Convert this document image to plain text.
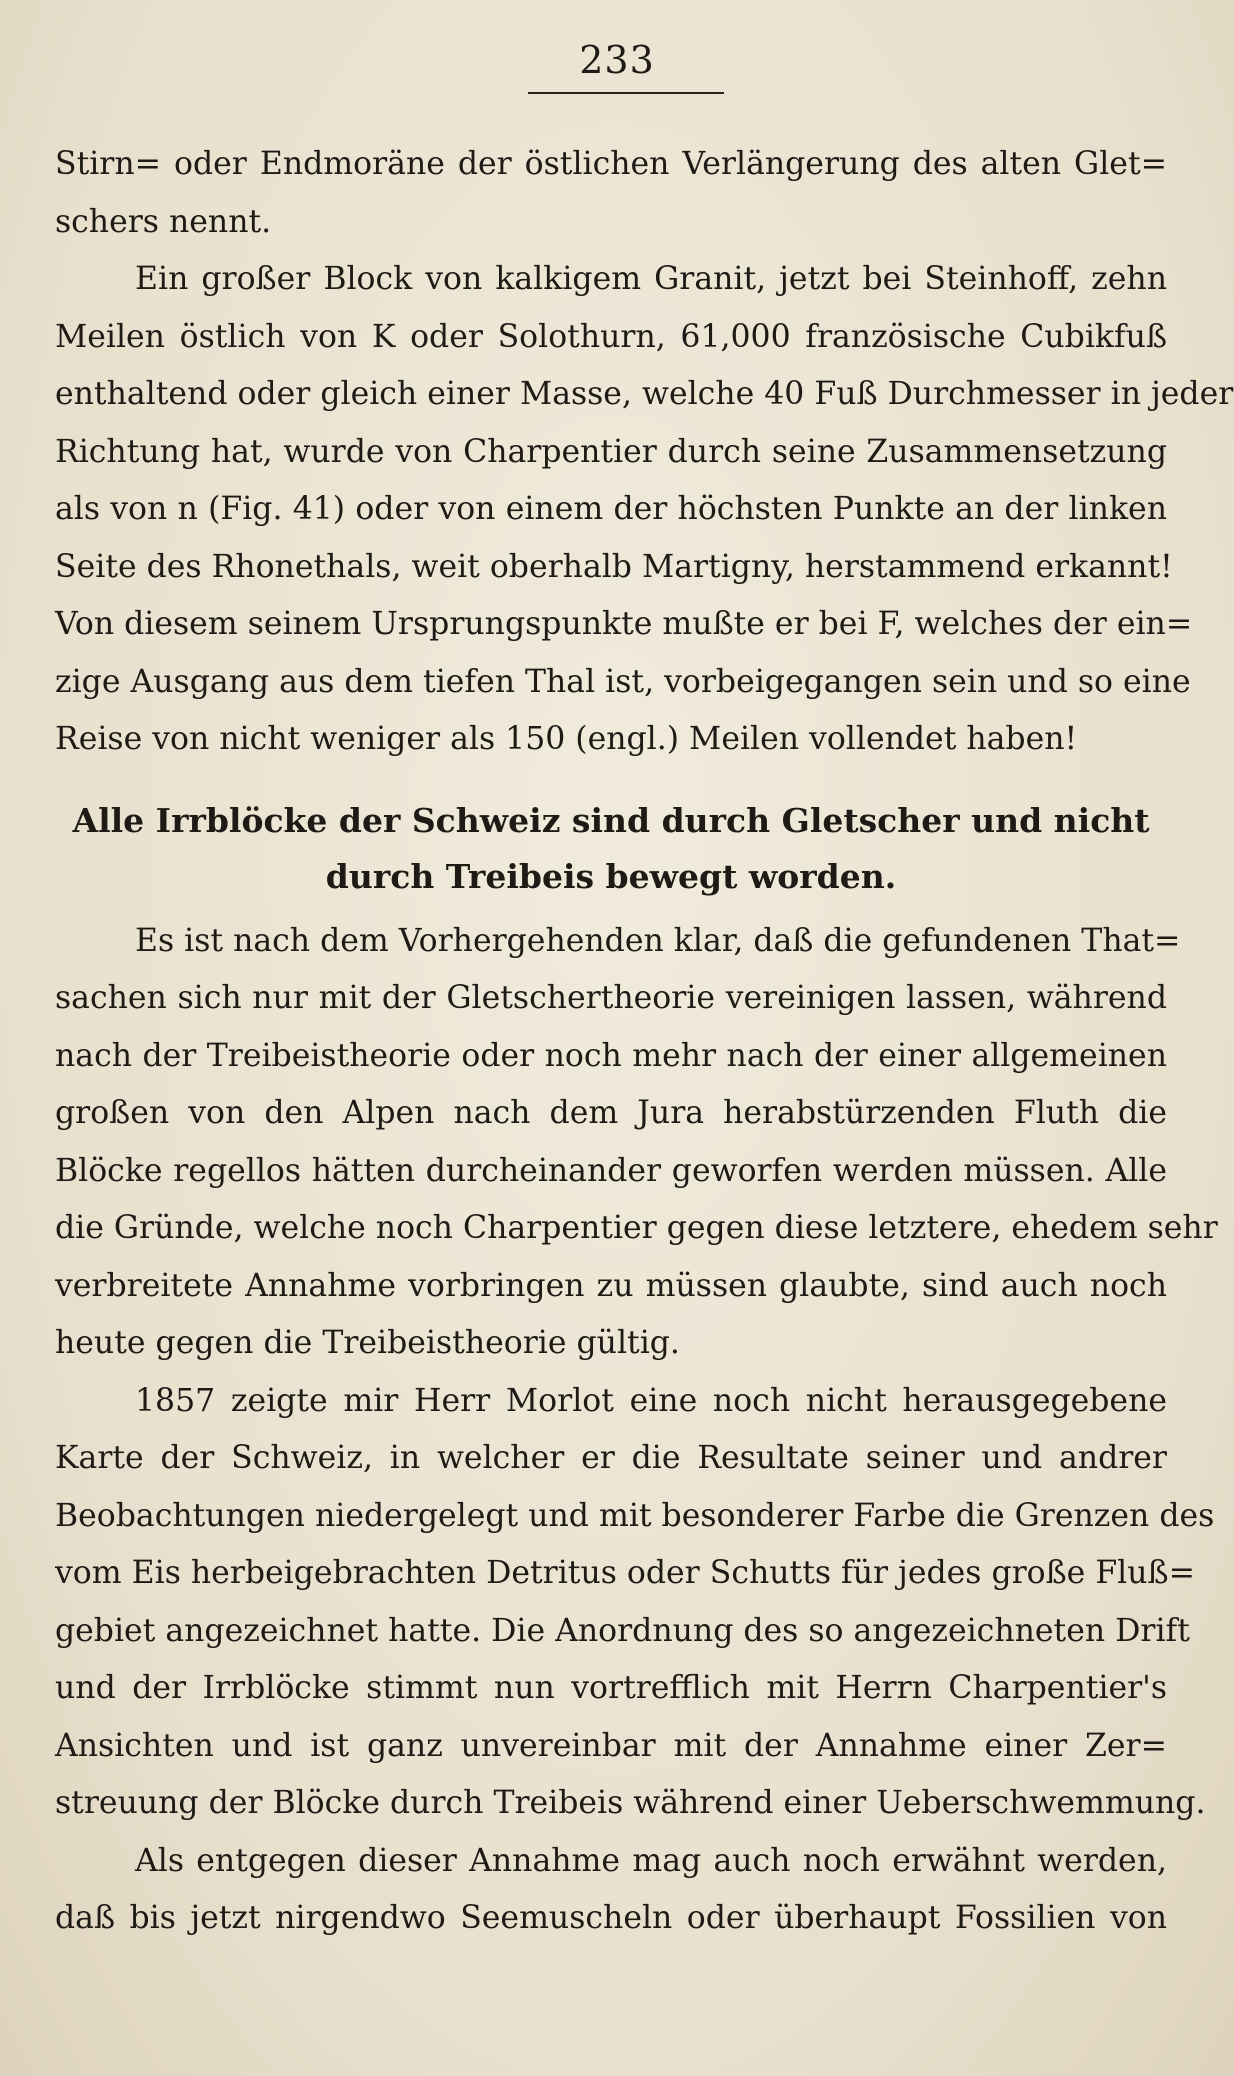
233

Stirn= oder Endmoräne der östlichen Verlängerung des alten Glet=
schers nennt.

Ein großer Block von kalkigem Granit, jetzt bei Steinhoff, zehn
Meilen östlich von K oder Solothurn, 61,000 französische Cubikfuß
enthaltend oder gleich einer Masse, welche 40 Fuß Durchmesser in jeder
Richtung hat, wurde von Charpentier durch seine Zusammensetzung
als von n (Fig. 41) oder von einem der höchsten Punkte an der linken
Seite des Rhonethals, weit oberhalb Martigny, herstammend erkannt!
Von diesem seinem Ursprungspunkte mußte er bei F, welches der ein=
zige Ausgang aus dem tiefen Thal ist, vorbeigegangen sein und so eine
Reise von nicht weniger als 150 (engl.) Meilen vollendet haben!

Alle Irrblöcke der Schweiz sind durch Gletscher und nicht
durch Treibeis bewegt worden.

Es ist nach dem Vorhergehenden klar, daß die gefundenen That=
sachen sich nur mit der Gletschertheorie vereinigen lassen, während
nach der Treibeistheorie oder noch mehr nach der einer allgemeinen
großen von den Alpen nach dem Jura herabstürzenden Fluth die
Blöcke regellos hätten durcheinander geworfen werden müssen. Alle
die Gründe, welche noch Charpentier gegen diese letztere, ehedem sehr
verbreitete Annahme vorbringen zu müssen glaubte, sind auch noch
heute gegen die Treibeistheorie gültig.

1857 zeigte mir Herr Morlot eine noch nicht herausgegebene
Karte der Schweiz, in welcher er die Resultate seiner und andrer
Beobachtungen niedergelegt und mit besonderer Farbe die Grenzen des
vom Eis herbeigebrachten Detritus oder Schutts für jedes große Fluß=
gebiet angezeichnet hatte. Die Anordnung des so angezeichneten Drift
und der Irrblöcke stimmt nun vortrefflich mit Herrn Charpentier's
Ansichten und ist ganz unvereinbar mit der Annahme einer Zer=
streuung der Blöcke durch Treibeis während einer Ueberschwemmung.

Als entgegen dieser Annahme mag auch noch erwähnt werden,
daß bis jetzt nirgendwo Seemuscheln oder überhaupt Fossilien von
